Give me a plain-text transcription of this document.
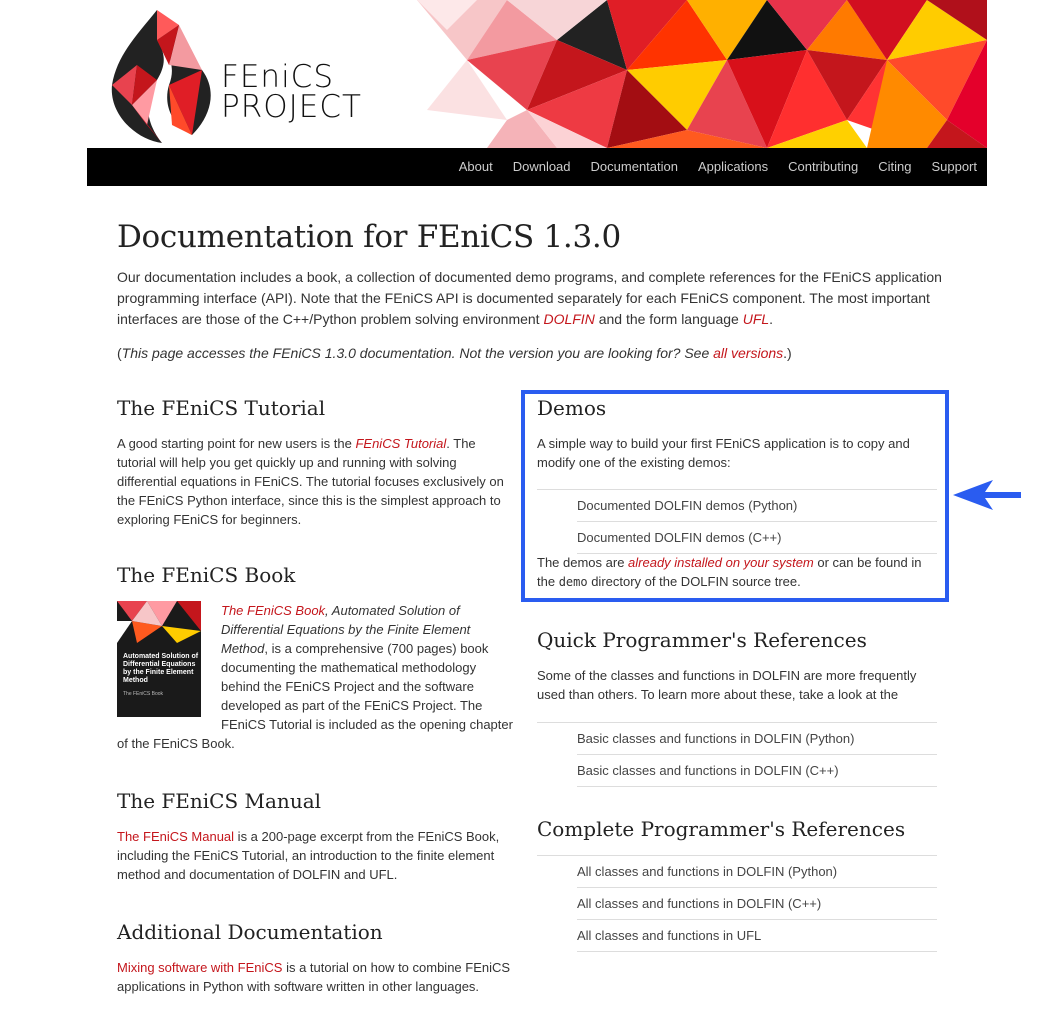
FEniCS
PROJECT
About	Download	Documentation	Applications	Contributing	Citing	Support
Documentation for FEniCS 1.3.0

Our documentation includes a book, a collection of documented demo programs, and complete references for the FEniCS application programming interface (API). Note that the FEniCS API is documented separately for each FEniCS component. The most important interfaces are those of the C++/Python problem solving environment DOLFIN and the form language UFL.

(This page accesses the FEniCS 1.3.0 documentation. Not the version you are looking for? See all versions.)

The FEniCS Tutorial

A good starting point for new users is the FEniCS Tutorial. The tutorial will help you get quickly up and running with solving differential equations in FEniCS. The tutorial focuses exclusively on the FEniCS Python interface, since this is the simplest approach to exploring FEniCS for beginners.

The FEniCS Book
Automated Solution of Differential Equations by the Finite Element Method
The FEniCS Book

The FEniCS Book, Automated Solution of Differential Equations by the Finite Element Method, is a comprehensive (700 pages) book documenting the mathematical methodology behind the FEniCS Project and the software developed as part of the FEniCS Project. The FEniCS Tutorial is included as the opening chapter of the FEniCS Book.

The FEniCS Manual

The FEniCS Manual is a 200-page excerpt from the FEniCS Book, including the FEniCS Tutorial, an introduction to the finite element method and documentation of DOLFIN and UFL.

Additional Documentation

Mixing software with FEniCS is a tutorial on how to combine FEniCS applications in Python with software written in other languages.

Demos

A simple way to build your first FEniCS application is to copy and modify one of the existing demos:

Documented DOLFIN demos (Python)
Documented DOLFIN demos (C++)

The demos are already installed on your system or can be found in the demo directory of the DOLFIN source tree.

Quick Programmer's References

Some of the classes and functions in DOLFIN are more frequently used than others. To learn more about these, take a look at the

Basic classes and functions in DOLFIN (Python)
Basic classes and functions in DOLFIN (C++)
Complete Programmer's References
All classes and functions in DOLFIN (Python)
All classes and functions in DOLFIN (C++)
All classes and functions in UFL
